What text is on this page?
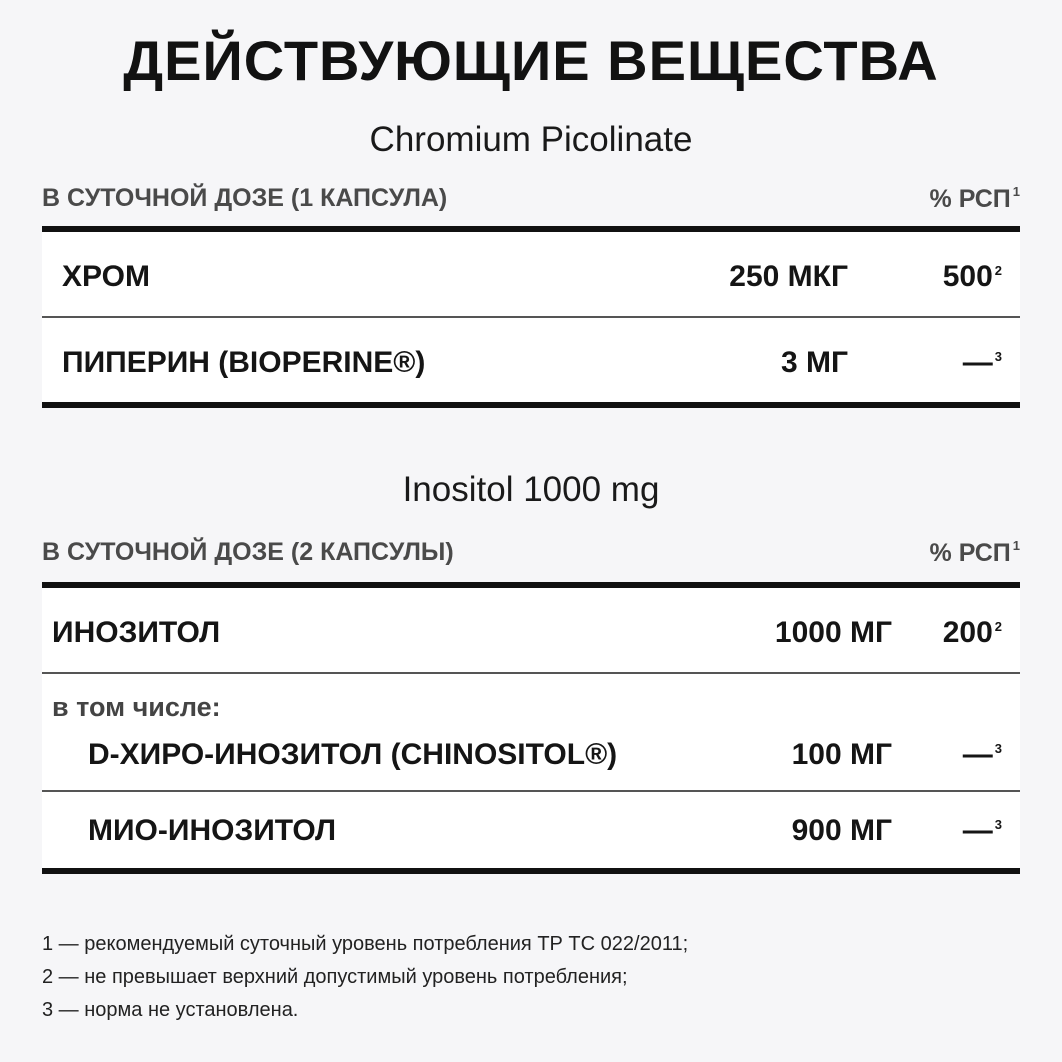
ДЕЙСТВУЮЩИЕ ВЕЩЕСТВА
Chromium Picolinate
В СУТОЧНОЙ ДОЗЕ (1 КАПСУЛА)	% РСП $^1$
ХРОМ	250 МКГ	500 $^2$
ПИПЕРИН (BIOPERINE®)	3 МГ	— $^3$
Inositol 1000 mg
В СУТОЧНОЙ ДОЗЕ (2 КАПСУЛЫ)	% РСП $^1$
ИНОЗИТОЛ	1000 МГ 200 $^2$
в том числе:
D-ХИРО-ИНОЗИТОЛ (CHINOSITOL®)	100 МГ — $^3$
МИО-ИНОЗИТОЛ	900 МГ — $^3$
1 — рекомендуемый суточный уровень потребления ТР ТС 022/2011;
2 — не превышает верхний допустимый уровень потребления;
3 — норма не установлена.
